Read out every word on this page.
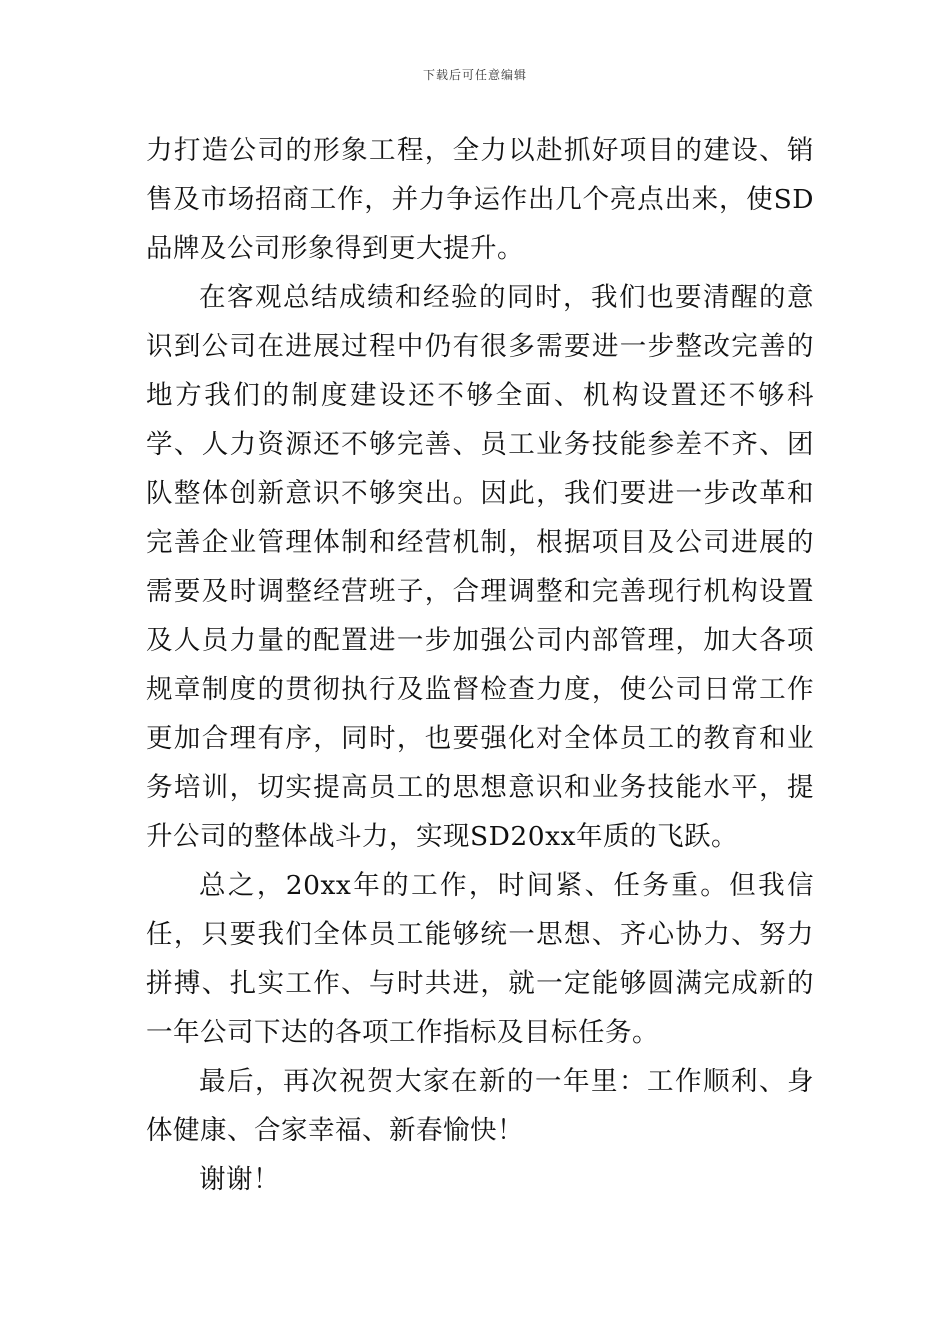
下载后可任意编辑

力打造公司的形象工程，全力以赴抓好项目的建设、销售及市场招商工作，并力争运作出几个亮点出来，使SD品牌及公司形象得到更大提升。

在客观总结成绩和经验的同时，我们也要清醒的意识到公司在进展过程中仍有很多需要进一步整改完善的地方我们的制度建设还不够全面、机构设置还不够科学、人力资源还不够完善、员工业务技能参差不齐、团队整体创新意识不够突出。因此，我们要进一步改革和完善企业管理体制和经营机制，根据项目及公司进展的需要及时调整经营班子，合理调整和完善现行机构设置及人员力量的配置进一步加强公司内部管理，加大各项规章制度的贯彻执行及监督检查力度，使公司日常工作更加合理有序，同时，也要强化对全体员工的教育和业务培训，切实提高员工的思想意识和业务技能水平，提升公司的整体战斗力，实现SD20xx年质的飞跃。

总之，20xx年的工作，时间紧、任务重。但我信任，只要我们全体员工能够统一思想、齐心协力、努力拼搏、扎实工作、与时共进，就一定能够圆满完成新的一年公司下达的各项工作指标及目标任务。

最后，再次祝贺大家在新的一年里：工作顺利、身体健康、合家幸福、新春愉快！

谢谢！
